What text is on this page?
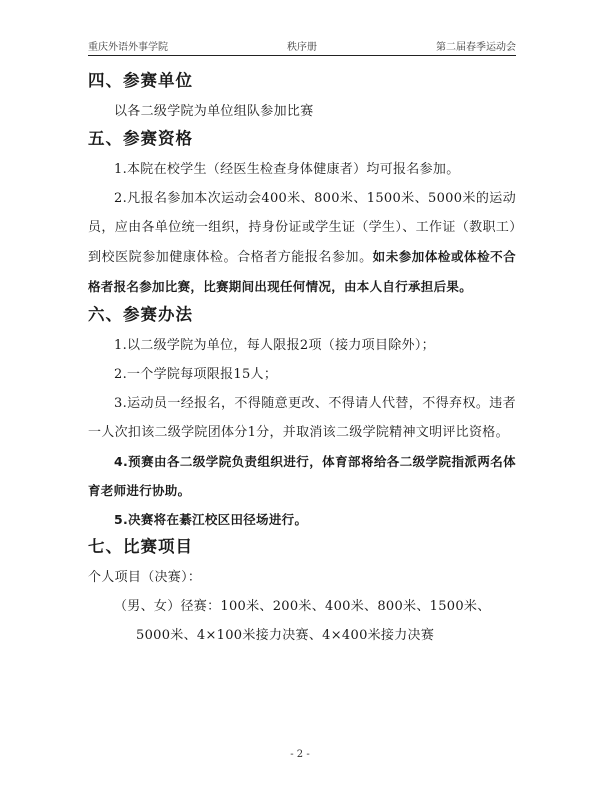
重庆外语外事学院	秩序册	第二届春季运动会
四、参赛单位

以各二级学院为单位组队参加比赛

五、参赛资格

1.本院在校学生（经医生检查身体健康者）均可报名参加。

2.凡报名参加本次运动会400米、800米、1500米、5000米的运动员，应由各单位统一组织，持身份证或学生证（学生）、工作证（教职工）到校医院参加健康体检。合格者方能报名参加。如未参加体检或体检不合格者报名参加比赛，比赛期间出现任何情况，由本人自行承担后果。

六、参赛办法

1.以二级学院为单位，每人限报2项（接力项目除外）；

2.一个学院每项限报15人；

3.运动员一经报名，不得随意更改、不得请人代替，不得弃权。违者一人次扣该二级学院团体分1分，并取消该二级学院精神文明评比资格。

4.预赛由各二级学院负责组织进行，体育部将给各二级学院指派两名体育老师进行协助。

5.决赛将在綦江校区田径场进行。

七、比赛项目

个人项目（决赛）：

（男、女）径赛：100米、200米、400米、800米、1500米、

5000米、4×100米接力决赛、4×400米接力决赛

- 2 -
